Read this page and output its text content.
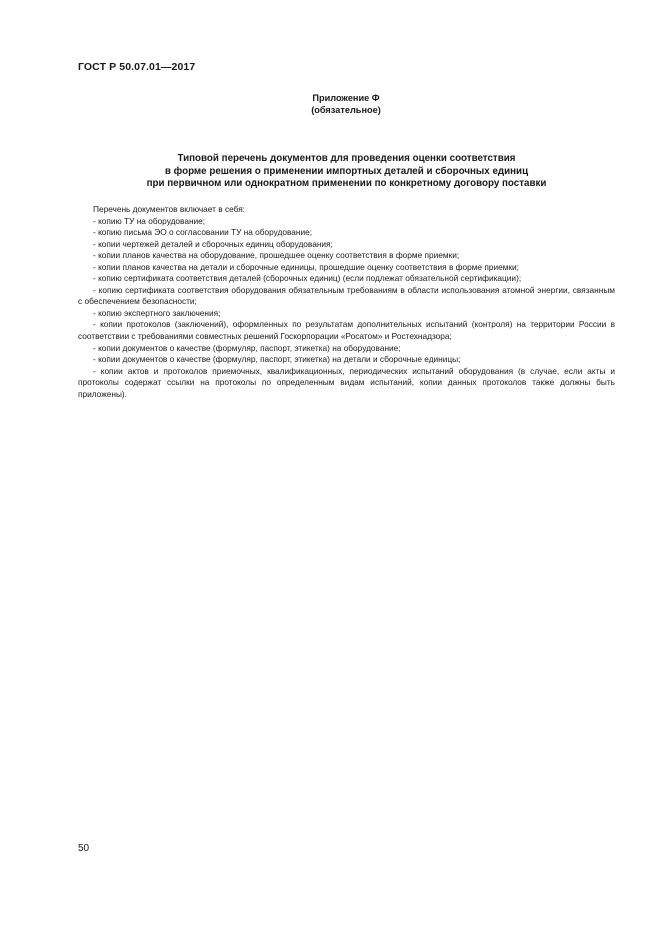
ГОСТ Р 50.07.01—2017
Приложение Ф
(обязательное)
Типовой перечень документов для проведения оценки соответствия
в форме решения о применении импортных деталей и сборочных единиц
при первичном или однократном применении по конкретному договору поставки

Перечень документов включает в себя:

- копию ТУ на оборудование;

- копию письма ЭО о согласовании ТУ на оборудование;

- копии чертежей деталей и сборочных единиц оборудования;

- копии планов качества на оборудование, прошедшее оценку соответствия в форме приемки;

- копии планов качества на детали и сборочные единицы, прошедшие оценку соответствия в форме приемки;

- копию сертификата соответствия деталей (сборочных единиц) (если подлежат обязательной сертификации);

- копию сертификата соответствия оборудования обязательным требованиям в области использования атомной энергии, связанным с обеспечением безопасности;

- копию экспертного заключения;

- копии протоколов (заключений), оформленных по результатам дополнительных испытаний (контроля) на территории России в соответствии с требованиями совместных решений Госкорпорации «Росатом» и Ростехнадзора;

- копии документов о качестве (формуляр, паспорт, этикетка) на оборудование;

- копии документов о качестве (формуляр, паспорт, этикетка) на детали и сборочные единицы;

- копии актов и протоколов приемочных, квалификационных, периодических испытаний оборудования (в случае, если акты и протоколы содержат ссылки на протоколы по определенным видам испытаний, копии данных протоколов также должны быть приложены).

50
